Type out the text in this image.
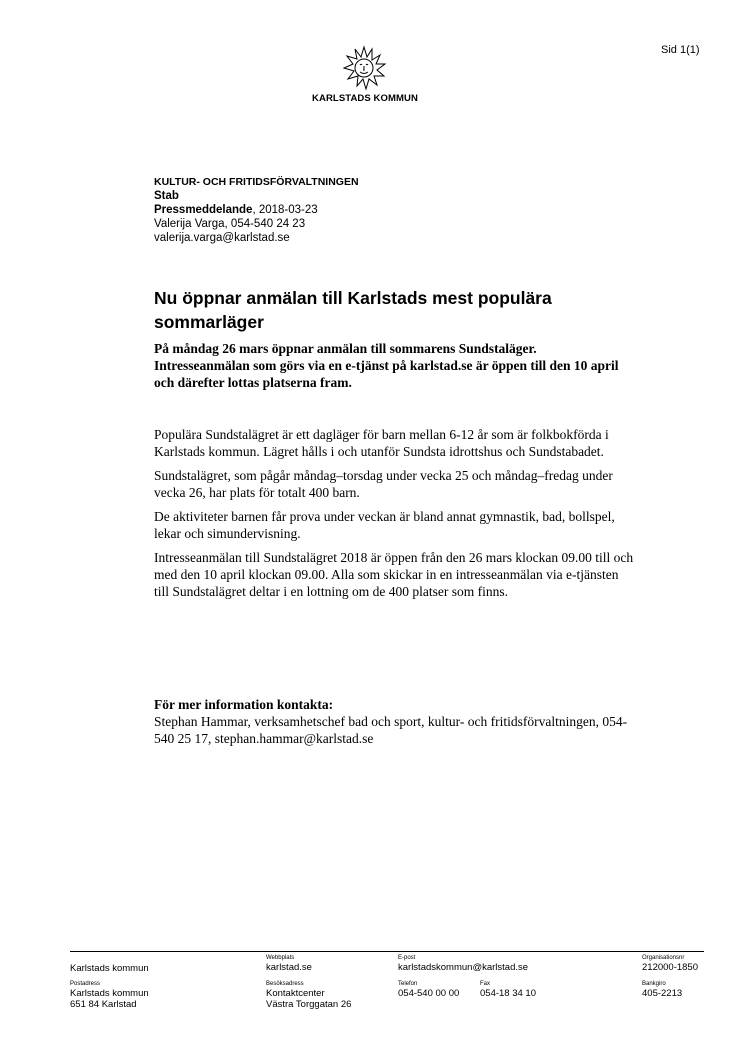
Sid 1(1)
KARLSTADS KOMMUN
KULTUR- OCH FRITIDSFÖRVALTNINGEN
Stab
Pressmeddelande, 2018-03-23
Valerija Varga, 054-540 24 23
valerija.varga@karlstad.se
Nu öppnar anmälan till Karlstads mest populära sommarläger
På måndag 26 mars öppnar anmälan till sommarens Sundstaläger. Intresseanmälan som görs via en e-tjänst på karlstad.se är öppen till den 10 april och därefter lottas platserna fram.

Populära Sundstalägret är ett dagläger för barn mellan 6-12 år som är folkbokförda i Karlstads kommun. Lägret hålls i och utanför Sundsta idrottshus och Sundstabadet.

Sundstalägret, som pågår måndag–torsdag under vecka 25 och måndag–fredag under vecka 26, har plats för totalt 400 barn.

De aktiviteter barnen får prova under veckan är bland annat gymnastik, bad, bollspel, lekar och simundervisning.

Intresseanmälan till Sundstalägret 2018 är öppen från den 26 mars klockan 09.00 till och med den 10 april klockan 09.00. Alla som skickar in en intresseanmälan via e-tjänsten till Sundstalägret deltar i en lottning om de 400 platser som finns.

För mer information kontakta:
Stephan Hammar, verksamhetschef bad och sport, kultur- och fritidsförvaltningen, 054-540 25 17, stephan.hammar@karlstad.se
Karlstads kommun
Webbplats
karlstad.se
E-post
karlstadskommun@karlstad.se
Organisationsnr
212000-1850
Postadress
Karlstads kommun
651 84 Karlstad
Besöksadress
Kontaktcenter
Västra Torggatan 26
Telefon
054-540 00 00
Fax
054-18 34 10
Bankgiro
405-2213
